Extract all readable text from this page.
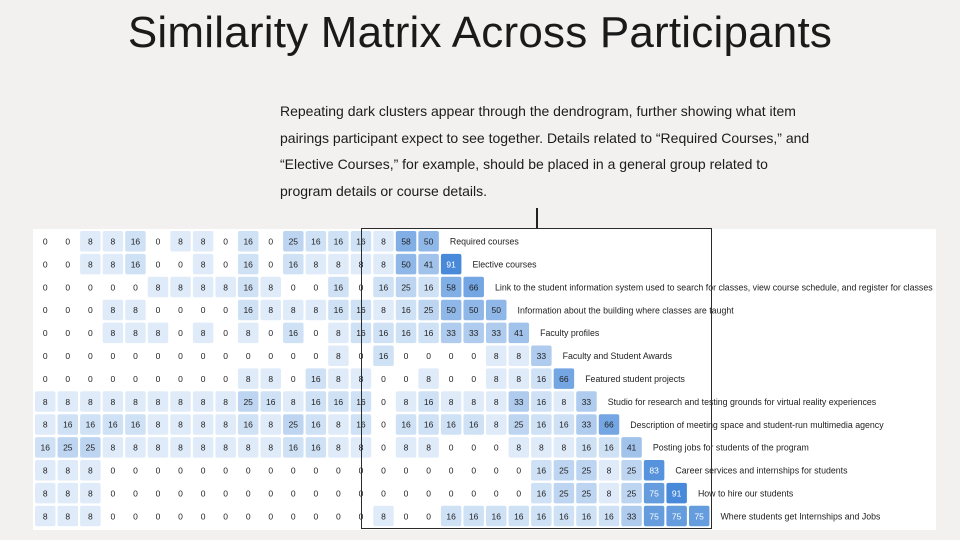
Similarity Matrix Across Participants
Repeating dark clusters appear through the dendrogram, further showing what item pairings participant expect to see together. Details related to “Required Courses,” and “Elective Courses,” for example, should be placed in a general group related to program details or course details.
0 0 8 8 16 0 8 8 0 16 0 25 16 16 16 8 58 50 Required courses
0 0 8 8 16 0 0 8 0 16 0 16 8 8 8 8 50 41 91 Elective courses
0 0 0 0 0 8 8 8 8 16 8 0 0 16 0 16 25 16 58 66 Link to the student information system used to search for classes, view course schedule, and register for classes
0 0 0 8 8 0 0 0 0 16 8 8 8 16 16 8 16 25 50 50 50 Information about the building where classes are taught
0 0 0 8 8 8 0 8 0 8 0 16 0 8 16 16 16 16 33 33 33 41 Faculty profiles
0 0 0 0 0 0 0 0 0 0 0 0 0 8 0 16 0 0 0 0 8 8 33 Faculty and Student Awards
0 0 0 0 0 0 0 0 0 8 8 0 16 8 8 0 0 8 0 0 8 8 16 66 Featured student projects
8 8 8 8 8 8 8 8 8 25 16 8 16 16 16 0 8 16 8 8 8 33 16 8 33 Studio for research and testing grounds for virtual reality experiences
8 16 16 16 16 8 8 8 8 16 8 25 16 8 16 0 16 16 16 16 8 25 16 16 33 66 Description of meeting space and student-run multimedia agency
16 25 25 8 8 8 8 8 8 8 8 16 16 8 8 0 8 8 0 0 0 8 8 8 16 16 41 Posting jobs for students of the program
8 8 8 0 0 0 0 0 0 0 0 0 0 0 0 0 0 0 0 0 0 0 16 25 25 8 25 83 Career services and internships for students
8 8 8 0 0 0 0 0 0 0 0 0 0 0 0 0 0 0 0 0 0 0 16 25 25 8 25 75 91 How to hire our students
8 8 8 0 0 0 0 0 0 0 0 0 0 0 0 8 0 0 16 16 16 16 16 16 16 16 33 75 75 75 Where students get Internships and Jobs
